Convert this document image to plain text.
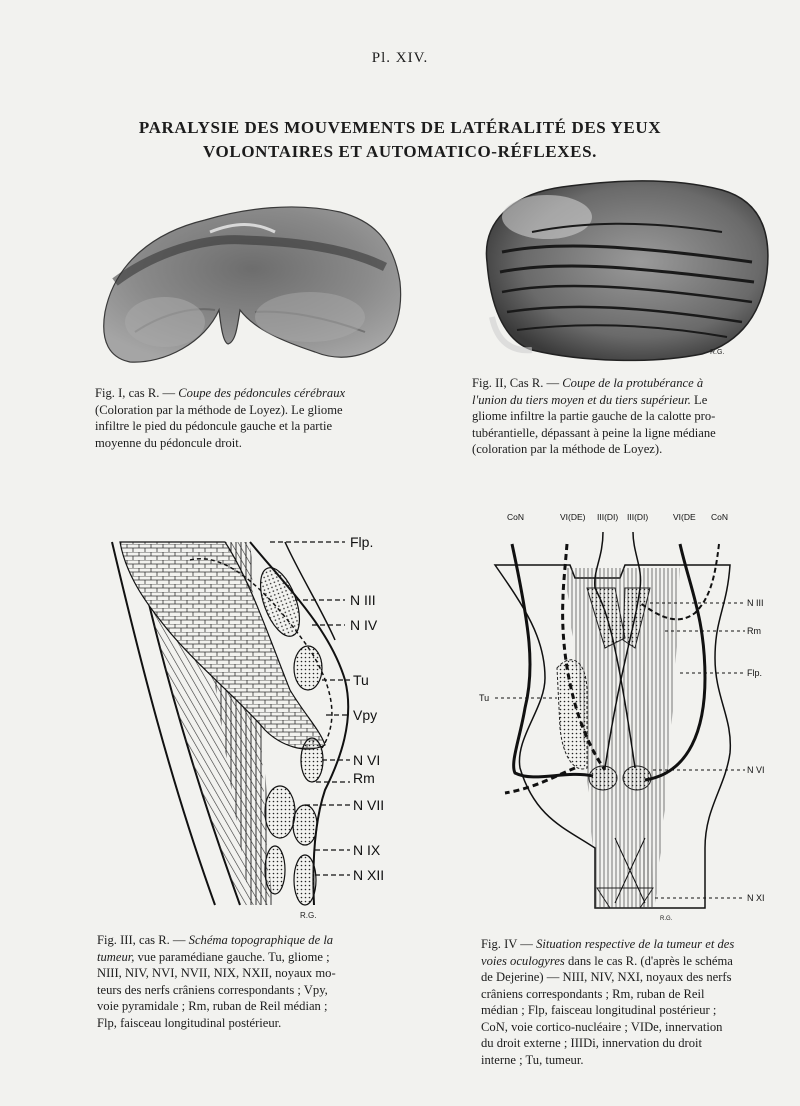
Pl. XIV.
PARALYSIE DES MOUVEMENTS DE LATÉRALITÉ DES YEUX
VOLONTAIRES ET AUTOMATICO-RÉFLEXES.
R.G.
Fig. I, cas R. — Coupe des pédoncules cérébraux
(Coloration par la méthode de Loyez). Le gliome
infiltre le pied du pédoncule gauche et la partie
moyenne du pédoncule droit.
Fig. II, Cas R. — Coupe de la protubérance à
l'union du tiers moyen et du tiers supérieur. Le
gliome infiltre la partie gauche de la calotte pro-
tubérantielle, dépassant à peine la ligne médiane
(coloration par la méthode de Loyez).
Flp.
N III
N IV
Tu
Vpy
N VI
Rm
N VII
N IX
N XII
R.G.
CoN	VI(DE) III(DI) III(DI)	VI(DE CoN
N III
Rm
Flp.
N VI
N XI
Tu
R.G.
Fig. III, cas R. — Schéma topographique de la
tumeur, vue paramédiane gauche. Tu, gliome ;
NIII, NIV, NVI, NVII, NIX, NXII, noyaux mo-
teurs des nerfs crâniens correspondants ; Vpy,
voie pyramidale ; Rm, ruban de Reil médian ;
Flp, faisceau longitudinal postérieur.
Fig. IV — Situation respective de la tumeur et des
voies oculogyres dans le cas R. (d'après le schéma
de Dejerine) — NIII, NIV, NXI, noyaux des nerfs
crâniens correspondants ; Rm, ruban de Reil
médian ; Flp, faisceau longitudinal postérieur ;
CoN, voie cortico-nucléaire ; VIDe, innervation
du droit externe ; IIIDi, innervation du droit
interne ; Tu, tumeur.
